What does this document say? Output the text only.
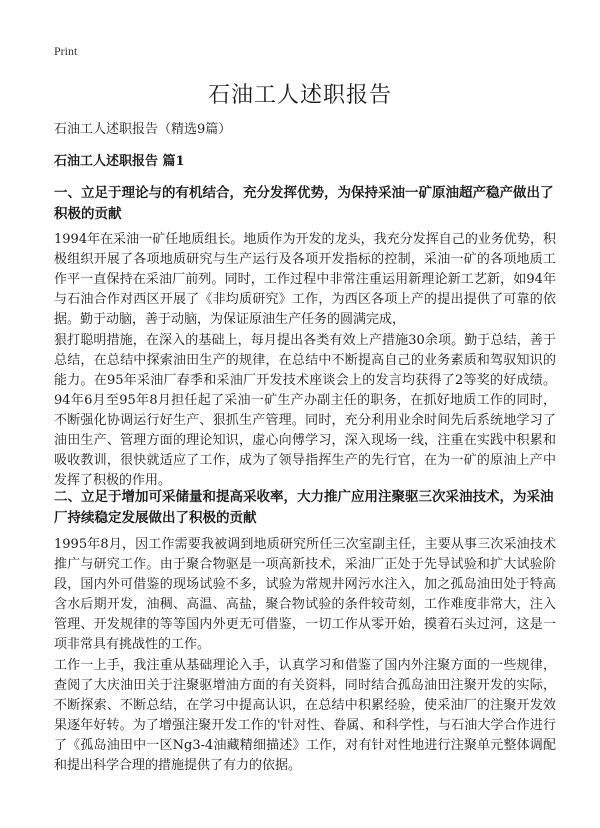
Print
石油工人述职报告
石油工人述职报告（精选9篇）
石油工人述职报告 篇1
一、立足于理论与的有机结合，充分发挥优势，为保持采油一矿原油超产稳产做出了积极的贡献
1994年在采油一矿任地质组长。地质作为开发的龙头，我充分发挥自己的业务优势，积极组织开展了各项地质研究与生产运行及各项开发指标的控制，采油一矿的各项地质工作平一直保持在采油厂前列。同时，工作过程中非常注重运用新理论新工艺新，如94年与石油合作对西区开展了《非均质研究》工作，为西区各项上产的提出提供了可靠的依据。勤于动脑，善于动脑，为保证原油生产任务的圆满完成，
狠打聪明措施，在深入的基础上，每月提出各类有效上产措施30余项。勤于总结，善于总结，在总结中探索油田生产的规律，在总结中不断提高自己的业务素质和驾驭知识的能力。在95年采油厂春季和采油厂开发技术座谈会上的发言均获得了2等奖的好成绩。94年6月至95年8月担任起了采油一矿生产办副主任的职务，在抓好地质工作的同时，不断强化协调运行好生产、狠抓生产管理。同时，充分利用业余时间先后系统地学习了油田生产、管理方面的理论知识，虚心向傅学习，深入现场一线，注重在实践中积累和吸收教训，很快就适应了工作，成为了领导指挥生产的先行官，在为一矿的原油上产中发挥了积极的作用。
二、立足于增加可采储量和提高采收率，大力推广应用注聚驱三次采油技术，为采油厂持续稳定发展做出了积极的贡献
1995年8月，因工作需要我被调到地质研究所任三次室副主任，主要从事三次采油技术推广与研究工作。由于聚合物驱是一项高新技术，采油厂正处于先导试验和扩大试验阶段，国内外可借鉴的现场试验不多，试验为常规井网污水注入，加之孤岛油田处于特高含水后期开发，油稠、高温、高盐，聚合物试验的条件较苛刻，工作难度非常大，注入管理、开发规律的等等国内外更无可借鉴，一切工作从零开始，摸着石头过河，这是一项非常具有挑战性的工作。
工作一上手，我注重从基础理论入手，认真学习和借鉴了国内外注聚方面的一些规律，查阅了大庆油田关于注聚驱增油方面的有关资料，同时结合孤岛油田注聚开发的实际，不断探索、不断总结，在学习中提高认识，在总结中积累经验，使采油厂的注聚开发效果逐年好转。为了增强注聚开发工作的'针对性、眷属、和科学性，与石油大学合作进行了《孤岛油田中一区Ng3-4油藏精细描述》工作，对有针对性地进行注聚单元整体调配和提出科学合理的措施提供了有力的依据。
